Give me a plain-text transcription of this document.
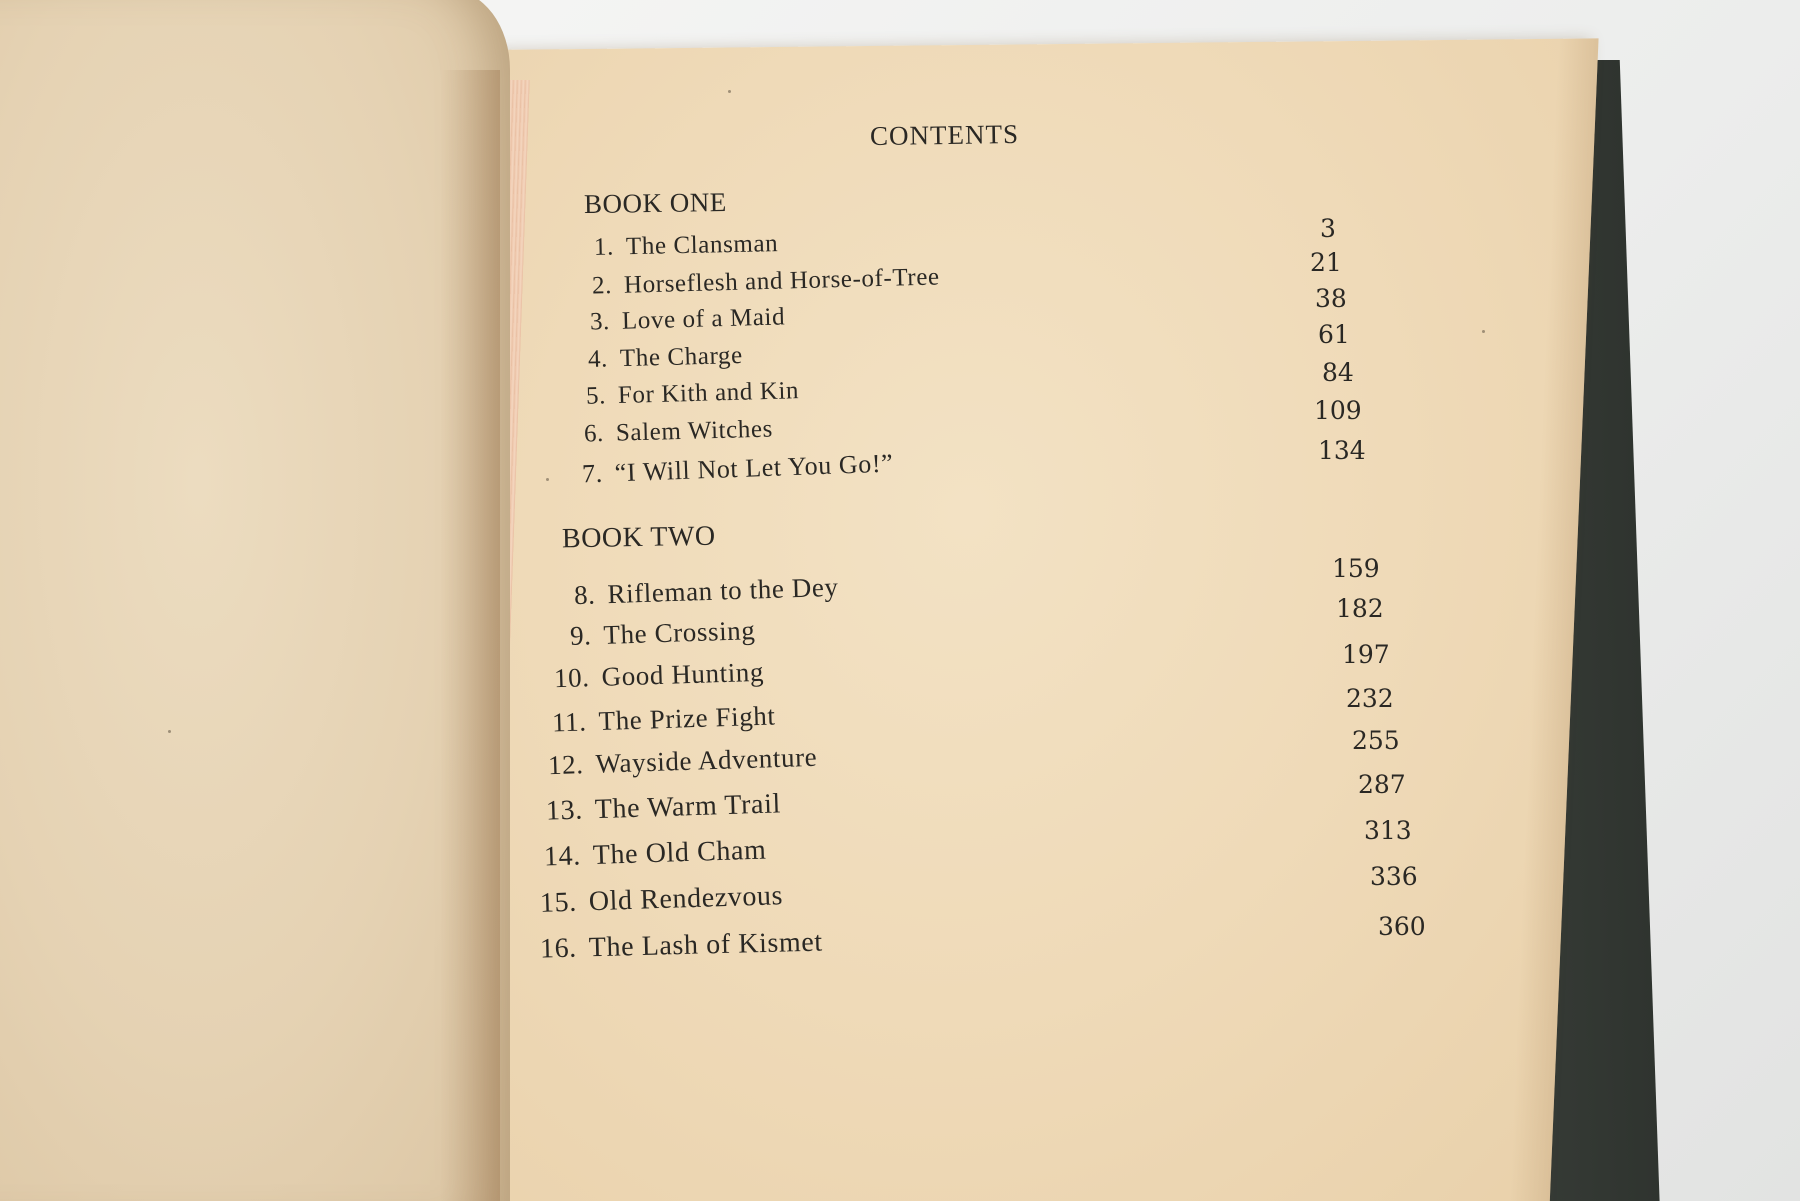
CONTENTS
BOOK ONE
1. The Clansman
3
2. Horseflesh and Horse-of-Tree
21
3. Love of a Maid
38
4. The Charge
61
5. For Kith and Kin
84
6. Salem Witches
109
7. “I Will Not Let You Go!”	134
BOOK TWO
8. Rifleman to the Dey
159
9. The Crossing
182
10. Good Hunting
197
11. The Prize Fight
232
12. Wayside Adventure
255
13. The Warm Trail
287
14. The Old Cham
313
15. Old Rendezvous
336
16. The Lash of Kismet
360
